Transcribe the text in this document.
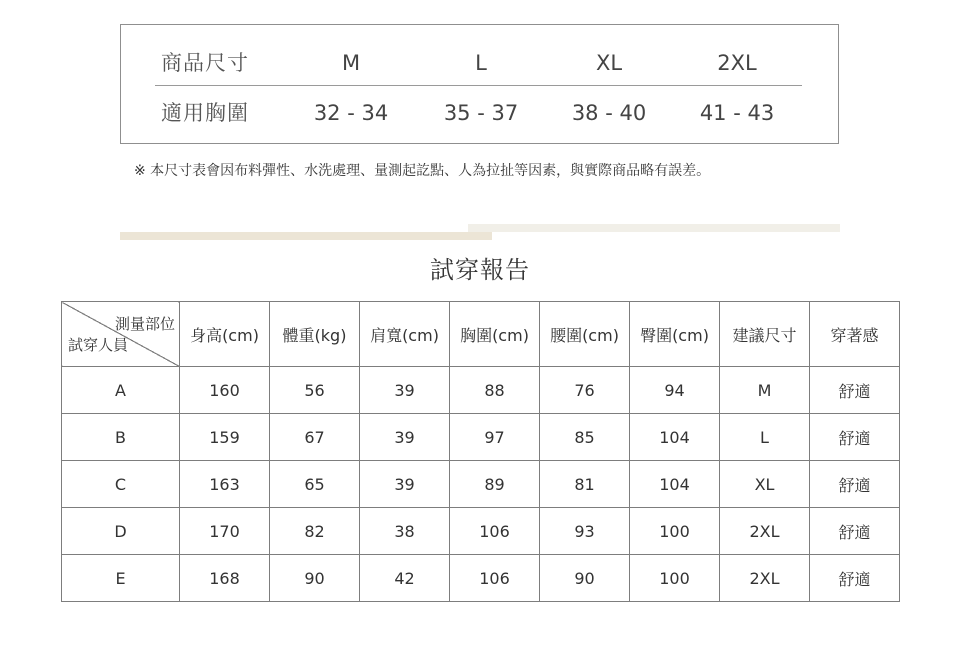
商品尺寸	M	L	XL	2XL
適用胸圍	32 - 34	35 - 37	38 - 40	41 - 43
※ 本尺寸表會因布料彈性、水洗處理、量測起訖點、人為拉扯等因素，與實際商品略有誤差。
試穿報告
測量部位
試穿人員	身高(cm)	體重(kg)	肩寬(cm)	胸圍(cm)	腰圍(cm)	臀圍(cm)	建議尺寸	穿著感
A	160	56	39	88	76	94	M	舒適
B	159	67	39	97	85	104	L	舒適
C	163	65	39	89	81	104	XL	舒適
D	170	82	38	106	93	100	2XL	舒適
E	168	90	42	106	90	100	2XL	舒適
